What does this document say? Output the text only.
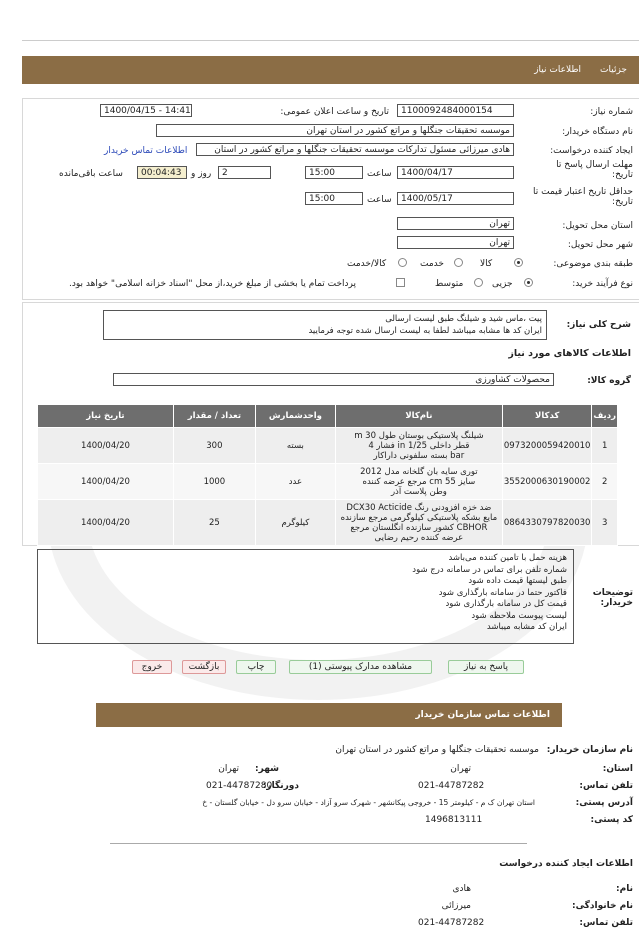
جزئیات
اطلاعات نیاز
شماره نیاز:
1100092484000154
تاریخ و ساعت اعلان عمومی:
1400/04/15 - 14:41
نام دستگاه خریدار:
موسسه تحقیقات جنگلها و مراتع کشور در استان تهران
ایجاد کننده درخواست:
هادی میرزائی مسئول تدارکات موسسه تحقیقات جنگلها و مراتع کشور در استان
اطلاعات تماس خریدار
مهلت ارسال پاسخ تا تاریخ:
1400/04/17
ساعت
15:00
2
روز و
00:04:43
ساعت باقی‌مانده
حداقل تاریخ اعتبار قیمت تا تاریخ:
1400/05/17
ساعت
15:00
استان محل تحویل:
تهران
شهر محل تحویل:
تهران
طبقه بندی موضوعی:
کالا
خدمت
کالا/خدمت
نوع فرآیند خرید:
جزیی
متوسط
پرداخت تمام یا بخشی از مبلغ خرید،از محل "اسناد خزانه اسلامی" خواهد بود.
پیت ،ماس شید و شیلنگ طبق لیست ارسالی
ایران کد ها مشابه میباشد لطفا به لیست ارسال شده توجه فرمایید
شرح کلی نیاز:
اطلاعات کالاهای مورد نیاز
گروه کالا:
محصولات کشاورزی
ردیف	کدکالا	نام‌کالا	واحدشمارش	تعداد / مقدار	تاریخ نیاز
1	0973200059420010	شیلنگ پلاستیکی بوستان طول m 30
قطر داخلی 1/25 in فشار 4
bar بسته سلفونی داراکار	بسته	300	1400/04/20
2	3552000630190002	توری سایه بان گلخانه مدل 2012
سایز 55 cm مرجع عرضه کننده
وطن پلاست آذر	عدد	1000	1400/04/20
3	0864330797820030	ضد خزه افزودنی رنگ DCX30 Acticide
مایع بشکه پلاستیکی کیلوگرمی مرجع سازنده
CBHOR کشور سازنده انگلستان مرجع
عرضه کننده رحیم رضایی	کیلوگرم	25	1400/04/20
هزینه حمل با تامین کننده می‌باشد
شماره تلفن برای تماس در سامانه درج شود
طبق لیستها قیمت داده شود
فاکتور حتما در سامانه بارگذاری شود
قیمت کل در سامانه بارگذاری شود
لیست پیوست ملاحظه شود
ایران کد مشابه میباشد
توضیحات خریدار:
پاسخ به نیاز
مشاهده مدارک پیوستی (1)
چاپ
بازگشت
خروج
اطلاعات تماس سازمان خریدار
نام سازمان خریدار:
موسسه تحقیقات جنگلها و مراتع کشور در استان تهران
استان:
تهران
شهر:
تهران
تلفن تماس:
021-44787282
دورنگار:
021-44787280
آدرس پستی:
استان تهران ک م - کیلومتر 15 - خروجی پیکانشهر - شهرک سرو آزاد - خیابان سرو دل - خیابان گلستان - خ
کد پستی:
1496813111
اطلاعات ایجاد کننده درخواست
نام:
هادی
نام خانوادگی:
میرزائی
تلفن تماس:
021-44787282
